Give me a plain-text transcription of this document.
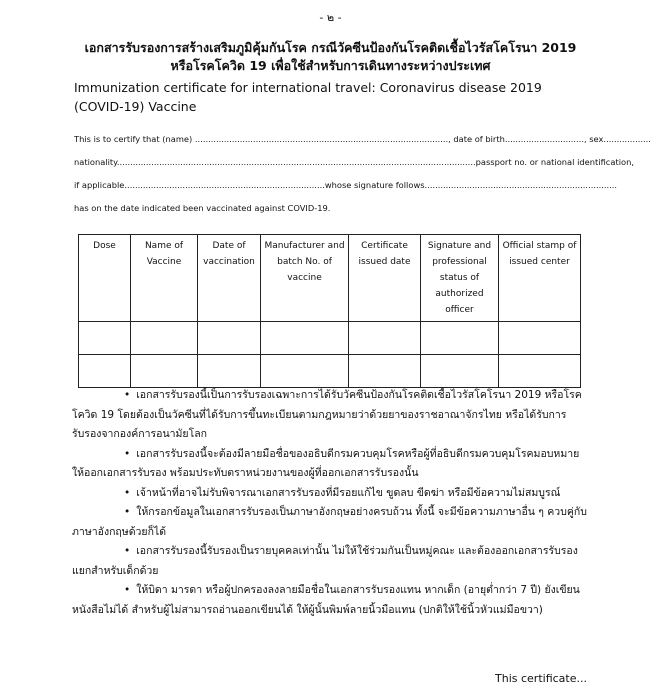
- ๒ -
เอกสารรับรองการสร้างเสริมภูมิคุ้มกันโรค กรณีวัคซีนป้องกันโรคติดเชื้อไวรัสโคโรนา 2019
หรือโรคโควิด 19 เพื่อใช้สำหรับการเดินทางระหว่างประเทศ
Immunization certificate for international travel: Coronavirus disease 2019 (COVID-19) Vaccine
This is to certify that (name) ................................................................................................, date of birth.............................., sex..................
nationality........................................................................................................................................passport no. or national identification,
if applicable............................................................................whose signature follows.........................................................................
has on the date indicated been vaccinated against COVID-19.
Dose	Name of Vaccine	Date of vaccination	Manufacturer and batch No. of vaccine	Certificate issued date	Signature and professional status of authorized officer	Official stamp of issued center

• เอกสารรับรองนี้เป็นการรับรองเฉพาะการได้รับวัคซีนป้องกันโรคติดเชื้อไวรัสโคโรนา 2019 หรือโรคโควิด 19 โดยต้องเป็นวัคซีนที่ได้รับการขึ้นทะเบียนตามกฎหมายว่าด้วยยาของราชอาณาจักรไทย หรือได้รับการรับรองจากองค์การอนามัยโลก

• เอกสารรับรองนี้จะต้องมีลายมือชื่อของอธิบดีกรมควบคุมโรคหรือผู้ที่อธิบดีกรมควบคุมโรคมอบหมายให้ออกเอกสารรับรอง พร้อมประทับตราหน่วยงานของผู้ที่ออกเอกสารรับรองนั้น

• เจ้าหน้าที่อาจไม่รับพิจารณาเอกสารรับรองที่มีรอยแก้ไข ขูดลบ ขีดฆ่า หรือมีข้อความไม่สมบูรณ์

• ให้กรอกข้อมูลในเอกสารรับรองเป็นภาษาอังกฤษอย่างครบถ้วน ทั้งนี้ จะมีข้อความภาษาอื่น ๆ ควบคู่กับภาษาอังกฤษด้วยก็ได้

• เอกสารรับรองนี้รับรองเป็นรายบุคคลเท่านั้น ไม่ให้ใช้ร่วมกันเป็นหมู่คณะ และต้องออกเอกสารรับรองแยกสำหรับเด็กด้วย

• ให้บิดา มารดา หรือผู้ปกครองลงลายมือชื่อในเอกสารรับรองแทน หากเด็ก (อายุต่ำกว่า 7 ปี) ยังเขียนหนังสือไม่ได้ สำหรับผู้ไม่สามารถอ่านออกเขียนได้ ให้ผู้นั้นพิมพ์ลายนิ้วมือแทน (ปกติให้ใช้นิ้วหัวแม่มือขวา)

This certificate...
